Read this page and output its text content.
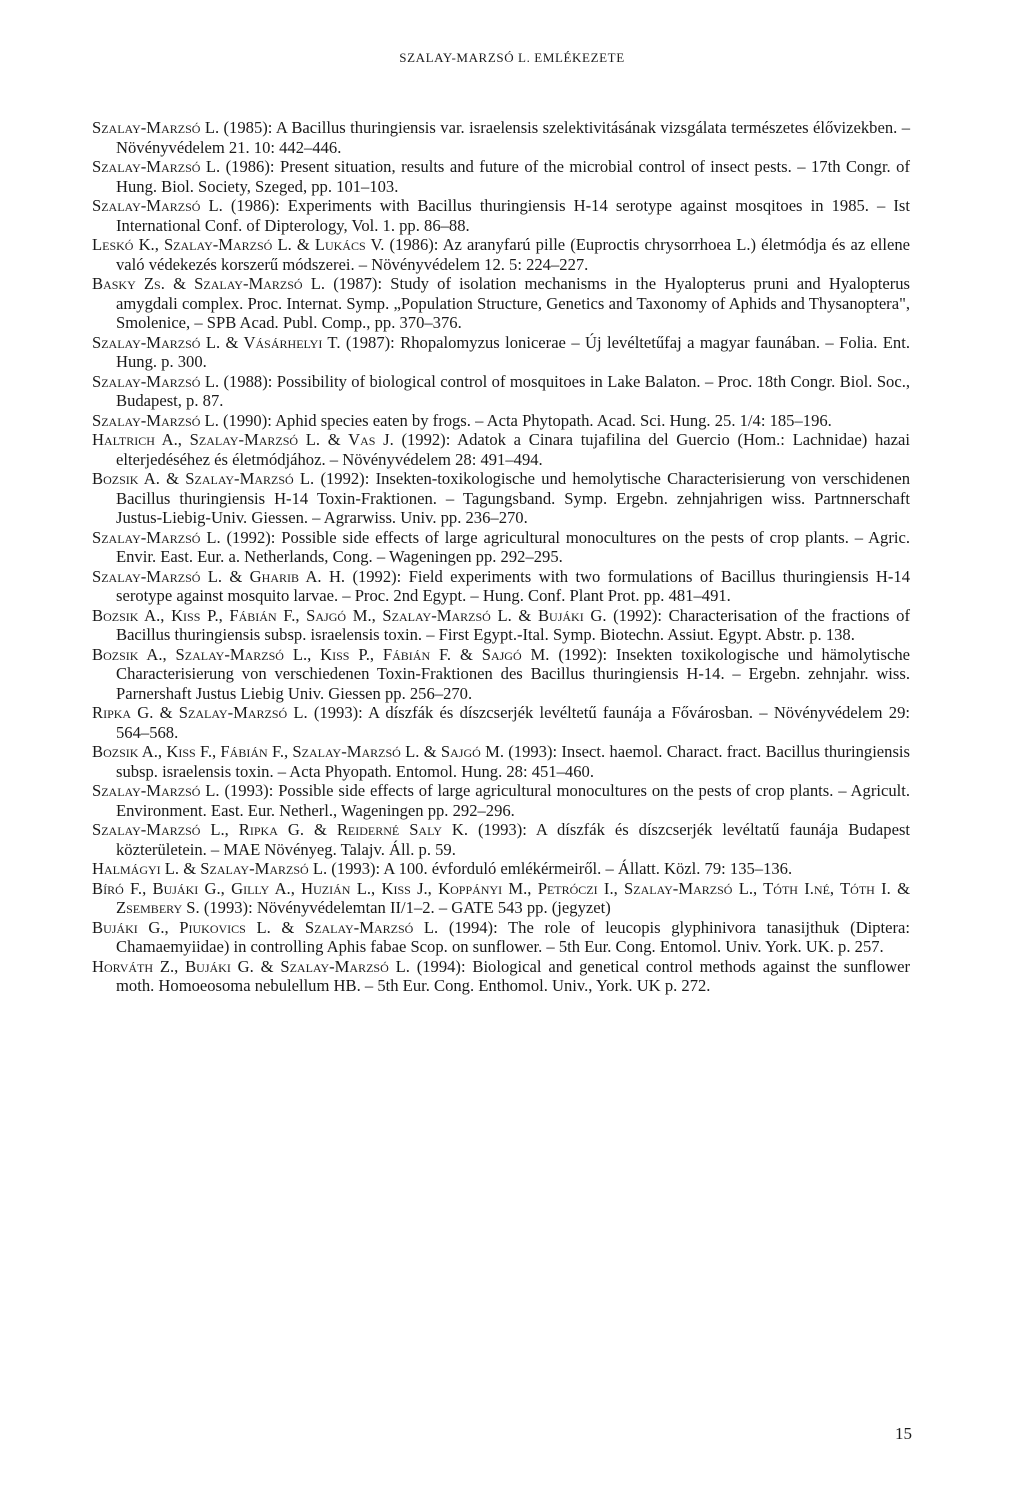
SZALAY-MARZSÓ L. EMLÉKEZETE

Szalay-Marzsó L. (1985): A Bacillus thuringiensis var. israelensis szelektivitásának vizsgálata természetes élővizekben. – Növényvédelem 21. 10: 442–446.

Szalay-Marzsó L. (1986): Present situation, results and future of the microbial control of insect pests. – 17th Congr. of Hung. Biol. Society, Szeged, pp. 101–103.

Szalay-Marzsó L. (1986): Experiments with Bacillus thuringiensis H-14 serotype against mosqitoes in 1985. – Ist International Conf. of Dipterology, Vol. 1. pp. 86–88.

Leskó K., Szalay-Marzsó L. & Lukács V. (1986): Az aranyfarú pille (Euproctis chrysorrhoea L.) életmódja és az ellene való védekezés korszerű módszerei. – Növényvédelem 12. 5: 224–227.

Basky Zs. & Szalay-Marzsó L. (1987): Study of isolation mechanisms in the Hyalopterus pruni and Hyalopterus amygdali complex. Proc. Internat. Symp. „Population Structure, Genetics and Taxonomy of Aphids and Thysanoptera", Smolenice, – SPB Acad. Publ. Comp., pp. 370–376.

Szalay-Marzsó L. & Vásárhelyi T. (1987): Rhopalomyzus lonicerae – Új levéltetűfaj a magyar faunában. – Folia. Ent. Hung. p. 300.

Szalay-Marzsó L. (1988): Possibility of biological control of mosquitoes in Lake Balaton. – Proc. 18th Congr. Biol. Soc., Budapest, p. 87.

Szalay-Marzsó L. (1990): Aphid species eaten by frogs. – Acta Phytopath. Acad. Sci. Hung. 25. 1/4: 185–196.

Haltrich A., Szalay-Marzsó L. & Vas J. (1992): Adatok a Cinara tujafilina del Guercio (Hom.: Lachnidae) hazai elterjedéséhez és életmódjához. – Növényvédelem 28: 491–494.

Bozsik A. & Szalay-Marzsó L. (1992): Insekten-toxikologische und hemolytische Characterisierung von verschidenen Bacillus thuringiensis H-14 Toxin-Fraktionen. – Tagungsband. Symp. Ergebn. zehnjahrigen wiss. Partnnerschaft Justus-Liebig-Univ. Giessen. – Agrarwiss. Univ. pp. 236–270.

Szalay-Marzsó L. (1992): Possible side effects of large agricultural monocultures on the pests of crop plants. – Agric. Envir. East. Eur. a. Netherlands, Cong. – Wageningen pp. 292–295.

Szalay-Marzsó L. & Gharib A. H. (1992): Field experiments with two formulations of Bacillus thuringiensis H-14 serotype against mosquito larvae. – Proc. 2nd Egypt. – Hung. Conf. Plant Prot. pp. 481–491.

Bozsik A., Kiss P., Fábián F., Sajgó M., Szalay-Marzsó L. & Bujáki G. (1992): Characterisation of the fractions of Bacillus thuringiensis subsp. israelensis toxin. – First Egypt.-Ital. Symp. Biotechn. Assiut. Egypt. Abstr. p. 138.

Bozsik A., Szalay-Marzsó L., Kiss P., Fábián F. & Sajgó M. (1992): Insekten toxikologische und hämolytische Characterisierung von verschiedenen Toxin-Fraktionen des Bacillus thuringiensis H-14. – Ergebn. zehnjahr. wiss. Parnershaft Justus Liebig Univ. Giessen pp. 256–270.

Ripka G. & Szalay-Marzsó L. (1993): A díszfák és díszcserjék levéltetű faunája a Fővárosban. – Növényvédelem 29: 564–568.

Bozsik A., Kiss F., Fábián F., Szalay-Marzsó L. & Sajgó M. (1993): Insect. haemol. Charact. fract. Bacillus thuringiensis subsp. israelensis toxin. – Acta Phyopath. Entomol. Hung. 28: 451–460.

Szalay-Marzsó L. (1993): Possible side effects of large agricultural monocultures on the pests of crop plants. – Agricult. Environment. East. Eur. Netherl., Wageningen pp. 292–296.

Szalay-Marzsó L., Ripka G. & Reiderné Saly K. (1993): A díszfák és díszcserjék levéltatű faunája Budapest közterületein. – MAE Növényeg. Talajv. Áll. p. 59.

Halmágyi L. & Szalay-Marzsó L. (1993): A 100. évforduló emlékérmeiről. – Állatt. Közl. 79: 135–136.

Bíró F., Bujáki G., Gilly A., Huzián L., Kiss J., Koppányi M., Petróczi I., Szalay-Marzsó L., Tóth I.né, Tóth I. & Zsembery S. (1993): Növényvédelemtan II/1–2. – GATE 543 pp. (jegyzet)

Bujáki G., Piukovics L. & Szalay-Marzsó L. (1994): The role of leucopis glyphinivora tanasijthuk (Diptera: Chamaemyiidae) in controlling Aphis fabae Scop. on sunflower. – 5th Eur. Cong. Entomol. Univ. York. UK. p. 257.

Horváth Z., Bujáki G. & Szalay-Marzsó L. (1994): Biological and genetical control methods against the sunflower moth. Homoeosoma nebulellum HB. – 5th Eur. Cong. Enthomol. Univ., York. UK p. 272.

15
